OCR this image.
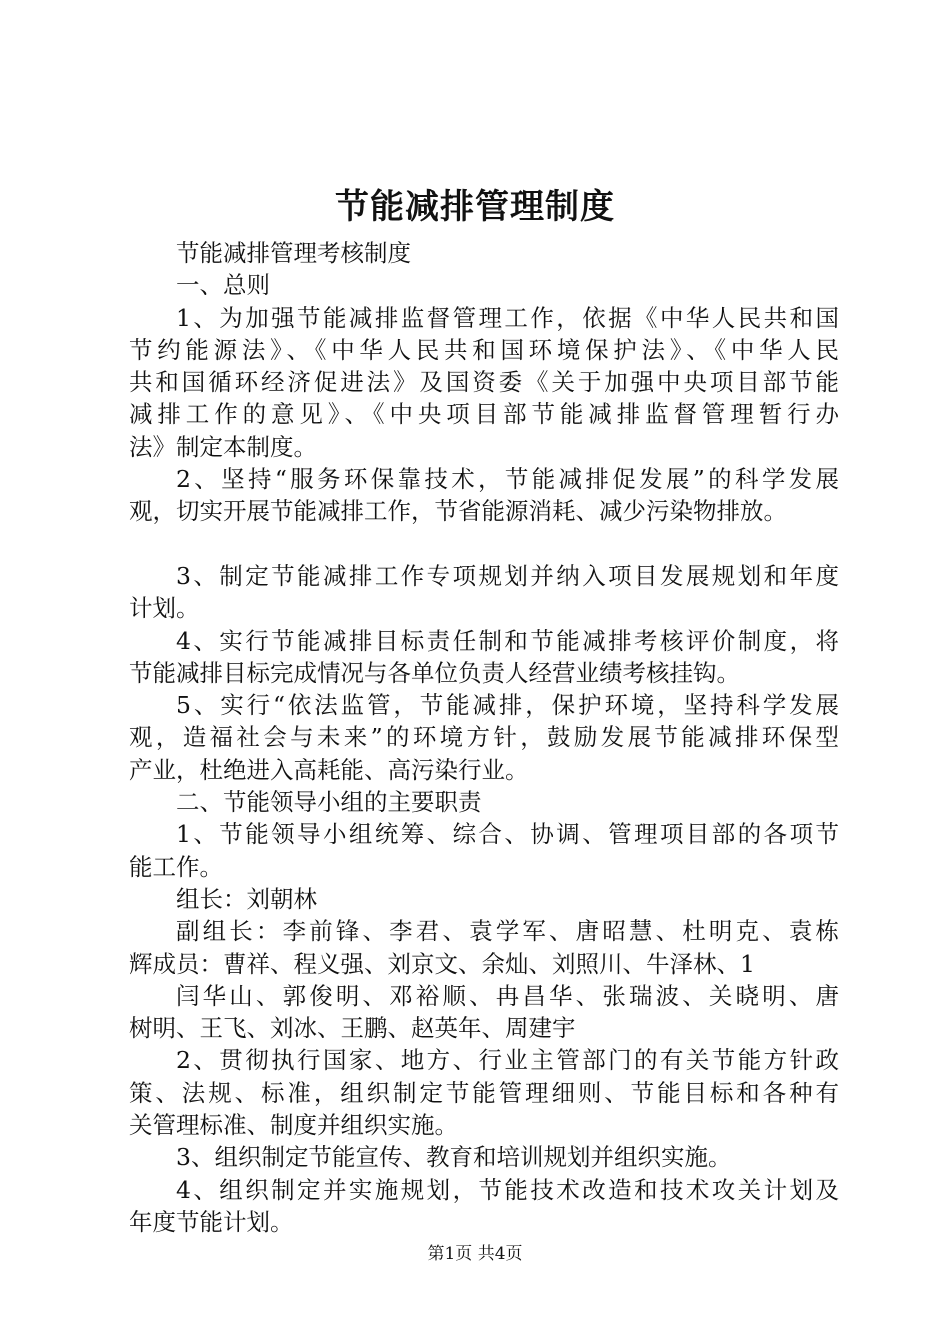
节能减排管理制度
节能减排管理考核制度
一、总则
1、为加强节能减排监督管理工作，依据《中华人民共和国
节约能源法》、《中华人民共和国环境保护法》、《中华人民
共和国循环经济促进法》及国资委《关于加强中央项目部节能
减排工作的意见》、《中央项目部节能减排监督管理暂行办
法》制定本制度。
2、坚持“服务环保靠技术，节能减排促发展”的科学发展
观，切实开展节能减排工作，节省能源消耗、减少污染物排放。
3、制定节能减排工作专项规划并纳入项目发展规划和年度
计划。
4、实行节能减排目标责任制和节能减排考核评价制度，将
节能减排目标完成情况与各单位负责人经营业绩考核挂钩。
5、实行“依法监管，节能减排，保护环境，坚持科学发展
观，造福社会与未来”的环境方针，鼓励发展节能减排环保型
产业，杜绝进入高耗能、高污染行业。
二、节能领导小组的主要职责
1、节能领导小组统筹、综合、协调、管理项目部的各项节
能工作。
组长：刘朝林
副组长：李前锋、李君、袁学军、唐昭慧、杜明克、袁栋
辉成员：曹祥、程义强、刘京文、余灿、刘照川、牛泽林、1
闫华山、郭俊明、邓裕顺、冉昌华、张瑞波、关晓明、唐
树明、王飞、刘冰、王鹏、赵英年、周建宇
2、贯彻执行国家、地方、行业主管部门的有关节能方针政
策、法规、标准，组织制定节能管理细则、节能目标和各种有
关管理标准、制度并组织实施。
3、组织制定节能宣传、教育和培训规划并组织实施。
4、组织制定并实施规划，节能技术改造和技术攻关计划及
年度节能计划。
第1页 共4页
